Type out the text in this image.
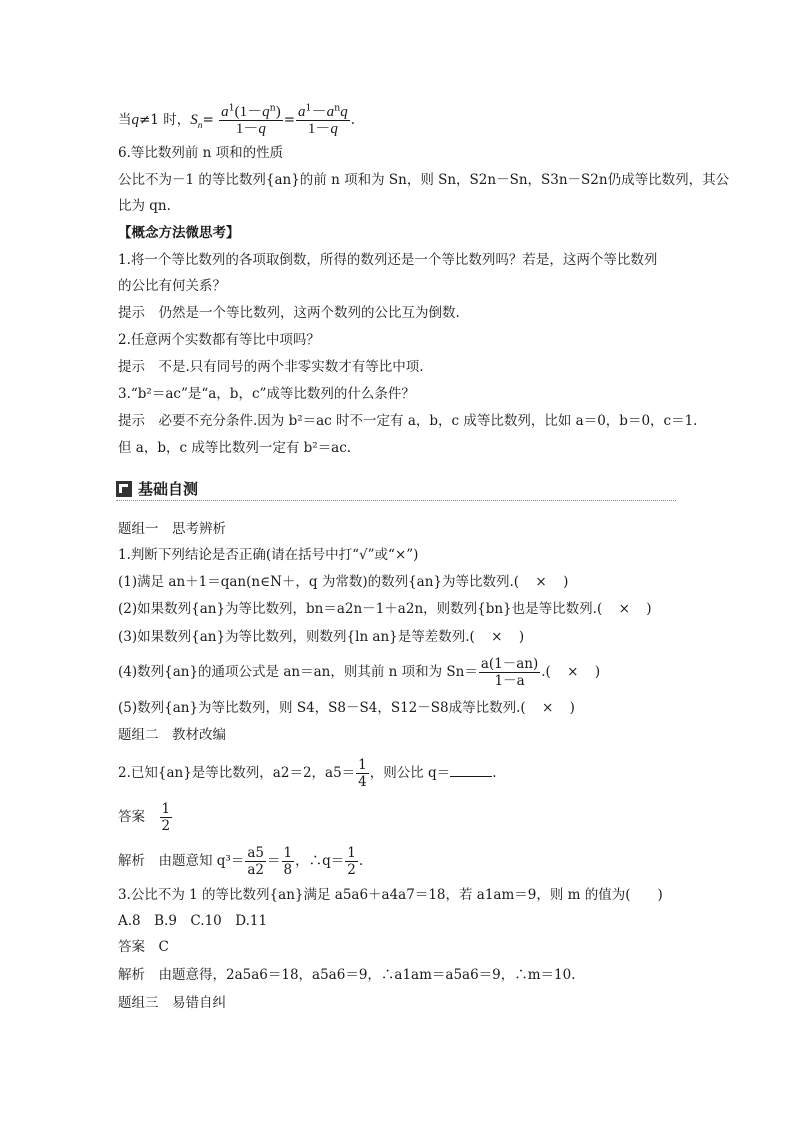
当q≠1 时，$S_n= \frac{a^1(1-q^n)}{1-q} = \frac{a^1-a^nq}{1-q}$ .
6.等比数列前 n 项和的性质
公比不为－1 的等比数列{an}的前 n 项和为 Sn，则 Sn，S2n－Sn，S3n－S2n仍成等比数列，其公
比为 qn.
【概念方法微思考】
1.将一个等比数列的各项取倒数，所得的数列还是一个等比数列吗？若是，这两个等比数列
的公比有何关系？
提示　 仍然是一个等比数列，这两个数列的公比互为倒数.
2.任意两个实数都有等比中项吗？
提示　 不是.只有同号的两个非零实数才有等比中项.
3.“b²＝ac”是“a，b，c”成等比数列的什么条件？
提示　 必要不充分条件.因为 b²＝ac 时不一定有 a，b，c 成等比数列，比如 a＝0，b＝0，c＝1.
但 a，b，c 成等比数列一定有 b²＝ac.
基础自测
题组一　思考辨析
1.判断下列结论是否正确(请在括号中打“√”或“×”)
(1)满足 an＋1＝qan(n∈N＋，q 为常数)的数列{an}为等比数列.( × )
(2)如果数列{an}为等比数列，bn＝a2n－1＋a2n，则数列{bn}也是等比数列.( × )
(3)如果数列{an}为等比数列，则数列{ln an}是等差数列.( × )
(4)数列{an}的通项公式是 an＝an，则其前 n 项和为 $Sn= \frac{a(1-an)}{1-a}$ .( × )
(5)数列{an}为等比数列，则 S4，S8－S4，S12－S8成等比数列.( × )
题组二　教材改编
2.已知{an}是等比数列，a2＝2，$a5= \frac{1}{4}$ ，则公比 q＝	.
答案　 $\frac{1}{2}$
解析　 由题意知 $q^3= \frac{a5}{a2} = \frac{1}{8}$ ，∴q＝ $\frac{1}{2}$ .
3.公比不为 1 的等比数列{an}满足 a5a6＋a4a7＝18，若 a1am＝9，则 m 的值为(　　)
A.8　B.9　C.10　D.11
答案　 C
解析　 由题意得，2a5a6＝18，a5a6＝9，∴a1am＝a5a6＝9，∴m＝10.
题组三　易错自纠
